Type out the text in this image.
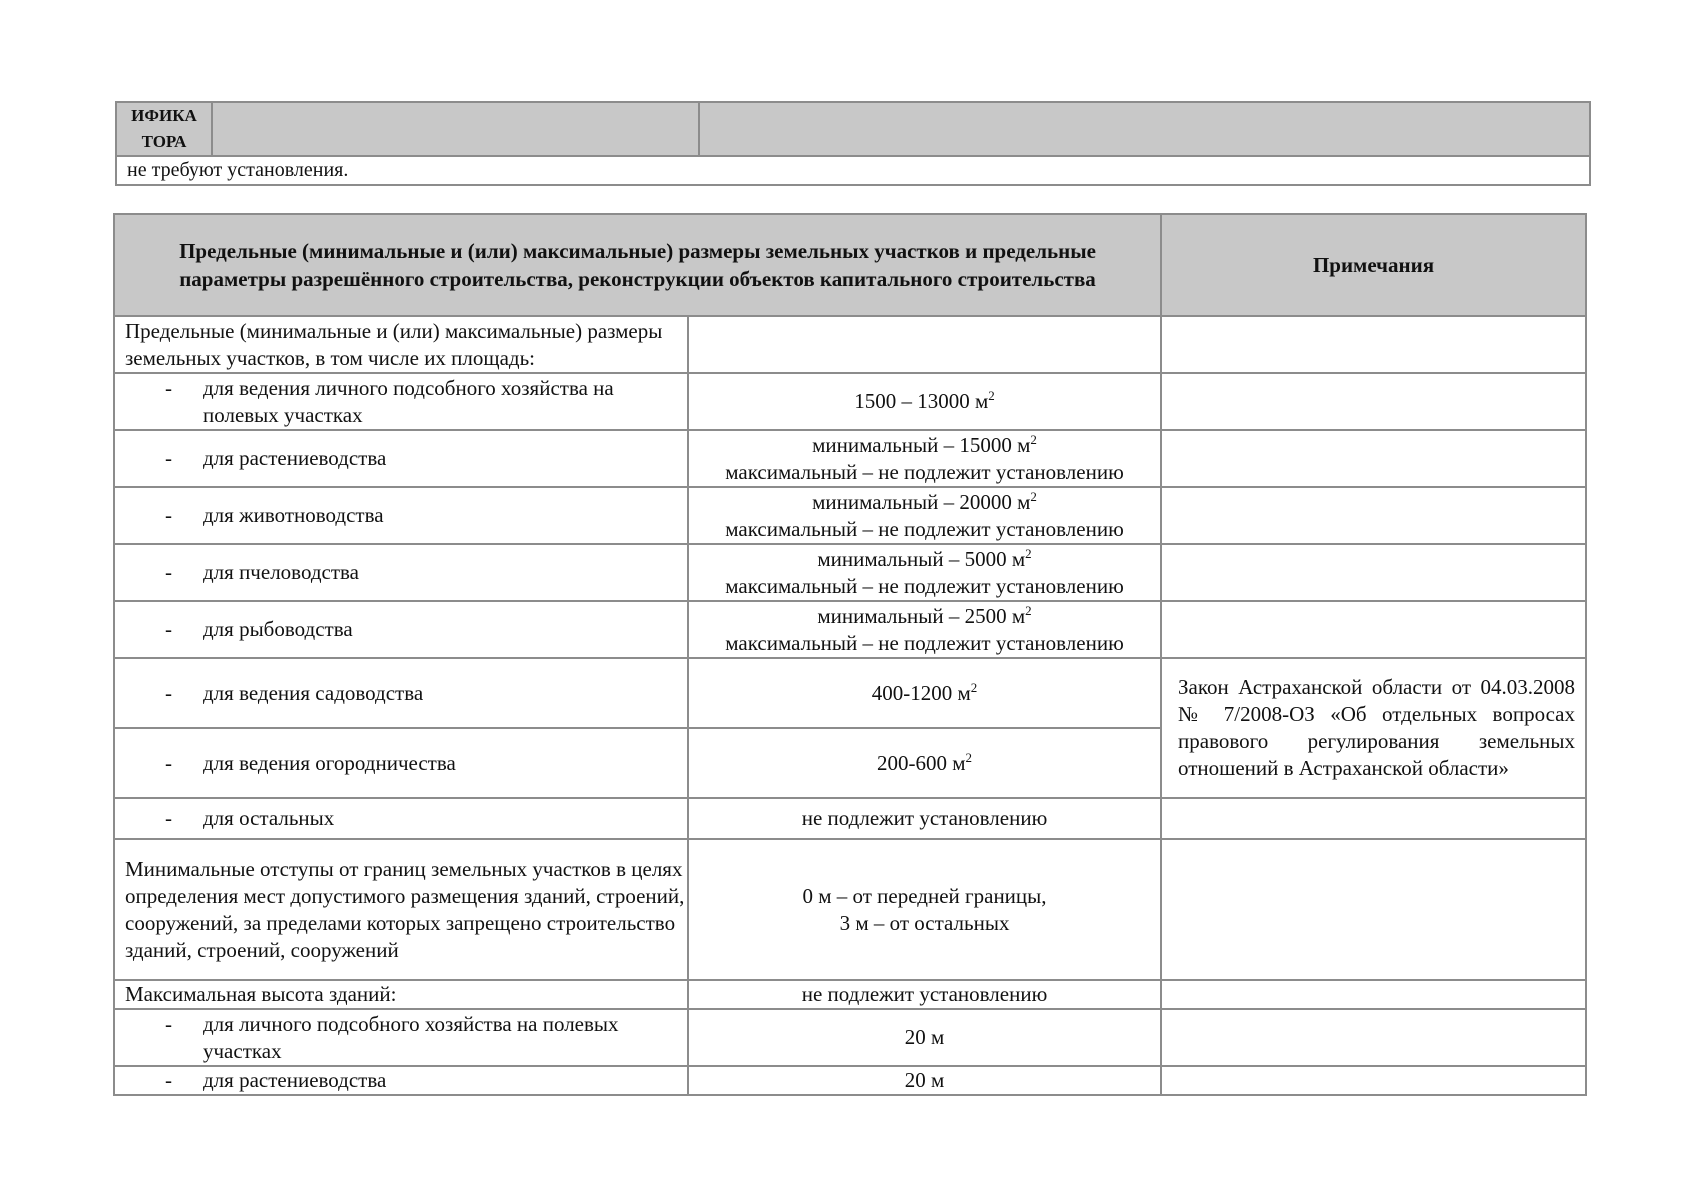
ИФИКА ТОРА		
не требуют установления.
Предельные (минимальные и (или) максимальные) размеры земельных участков и предельные параметры разрешённого строительства, реконструкции объектов капитального строительства		Примечания
Предельные (минимальные и (или) максимальные) размеры земельных участков, в том числе их площадь:		

- для ведения личного подсобного хозяйства на полевых участках	1500 – 13000 $м^2$	

- для растениеводства	минимальный – 15000 $м^2$
максимальный – не подлежит установлению	

- для животноводства	минимальный – 20000 $м^2$
максимальный – не подлежит установлению	

- для пчеловодства	минимальный – 5000 $м^2$
максимальный – не подлежит установлению	

- для рыбоводства	минимальный – 2500 $м^2$
максимальный – не подлежит установлению	

- для ведения садоводства	400-1200 $м^2$	Закон Астраханской области от 04.03.2008 № 7/2008-ОЗ «Об отдельных вопросах правового регулирования земельных отношений в Астраханской области»

- для ведения огородничества	200-600 $м^2$

- для остальных	не подлежит установлению	
Минимальные отступы от границ земельных участков в целях определения мест допустимого размещения зданий, строений, сооружений, за пределами которых запрещено строительство зданий, строений, сооружений	0 м – от передней границы,
3 м – от остальных	
Максимальная высота зданий:	не подлежит установлению	

- для личного подсобного хозяйства на полевых участках	20 м	

- для растениеводства	20 м	
